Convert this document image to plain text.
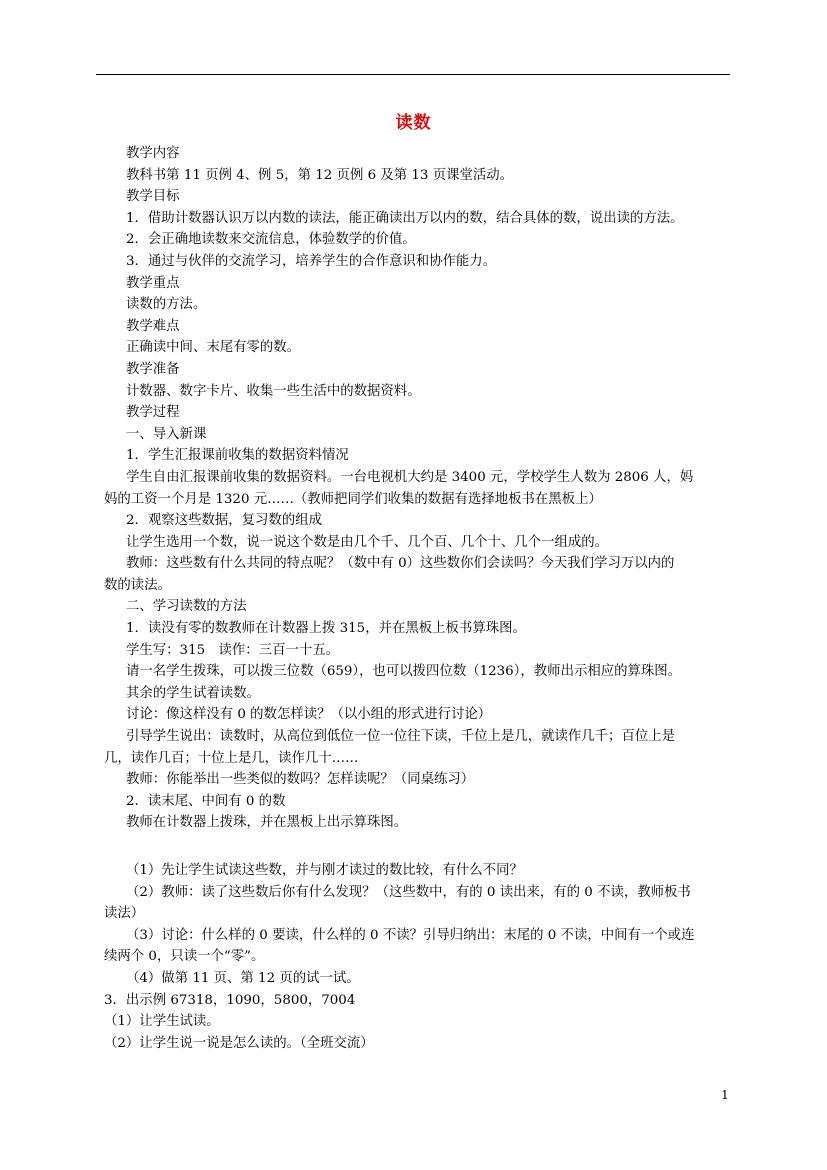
读数
教学内容
教科书第 11 页例 4、例 5，第 12 页例 6 及第 13 页课堂活动。
教学目标
1．借助计数器认识万以内数的读法，能正确读出万以内的数，结合具体的数，说出读的方法。
2．会正确地读数来交流信息，体验数学的价值。
3．通过与伙伴的交流学习，培养学生的合作意识和协作能力。
教学重点
读数的方法。
教学难点
正确读中间、末尾有零的数。
教学准备
计数器、数字卡片、收集一些生活中的数据资料。
教学过程
一、导入新课
1．学生汇报课前收集的数据资料情况
学生自由汇报课前收集的数据资料。一台电视机大约是 3400 元，学校学生人数为 2806 人，妈
妈的工资一个月是 1320 元……（教师把同学们收集的数据有选择地板书在黑板上）
2．观察这些数据，复习数的组成
让学生选用一个数，说一说这个数是由几个千、几个百、几个十、几个一组成的。
教师：这些数有什么共同的特点呢？（数中有 0）这些数你们会读吗？今天我们学习万以内的
数的读法。
二、学习读数的方法
1．读没有零的数教师在计数器上拨 315，并在黑板上板书算珠图。
学生写：315　读作：三百一十五。
请一名学生拨珠，可以拨三位数（659），也可以拨四位数（1236），教师出示相应的算珠图。
其余的学生试着读数。
讨论：像这样没有 0 的数怎样读？（以小组的形式进行讨论）
引导学生说出：读数时，从高位到低位一位一位往下读，千位上是几，就读作几千；百位上是
几，读作几百；十位上是几，读作几十……
教师：你能举出一些类似的数吗？怎样读呢？（同桌练习）
2．读末尾、中间有 0 的数
教师在计数器上拨珠，并在黑板上出示算珠图。
（1）先让学生试读这些数，并与刚才读过的数比较，有什么不同？
（2）教师：读了这些数后你有什么发现？（这些数中，有的 0 读出来，有的 0 不读，教师板书
读法）
（3）讨论：什么样的 0 要读，什么样的 0 不读？引导归纳出：末尾的 0 不读，中间有一个或连
续两个 0，只读一个“零”。
（4）做第 11 页、第 12 页的试一试。
3．出示例 67318，1090，5800，7004
（1）让学生试读。
（2）让学生说一说是怎么读的。（全班交流）
1
